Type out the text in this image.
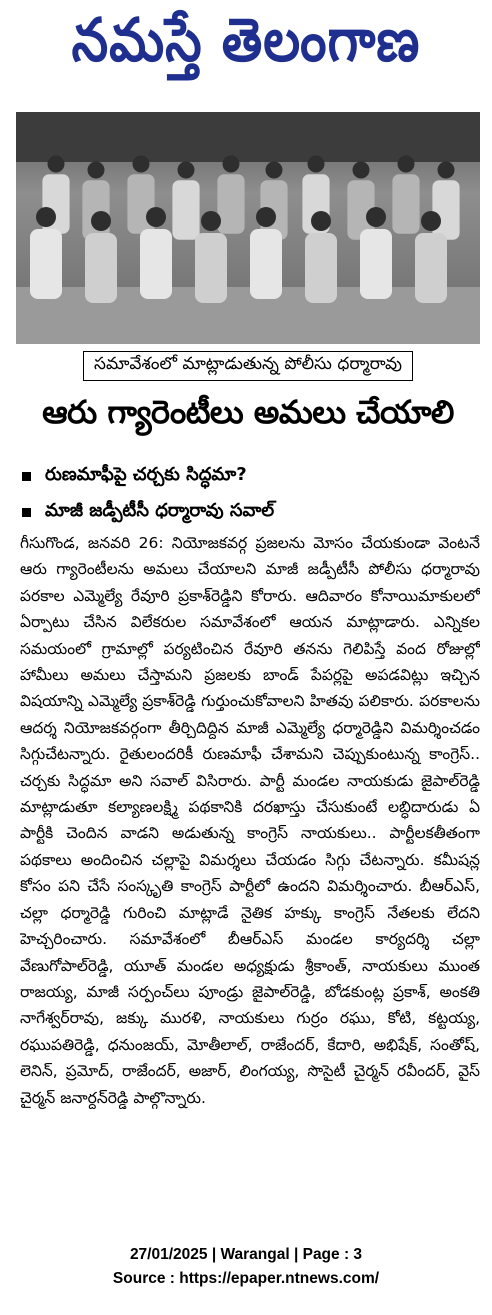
నమస్తే తెలంగాణ
సమావేశంలో మాట్లాడుతున్న పోలీసు ధర్మారావు
ఆరు గ్యారెంటీలు అమలు చేయాలి
రుణమాఫీపై చర్చకు సిద్ధమా?
మాజీ జడ్పీటీసీ ధర్మారావు సవాల్

గీసుగొండ, జనవరి 26: నియోజకవర్గ ప్రజలను మోసం చేయకుండా వెంటనే ఆరు గ్యారెంటీలను అమలు చేయాలని మాజీ జడ్పీటీసీ పోలీసు ధర్మారావు పరకాల ఎమ్మెల్యే రేవూరి ప్రకాశ్‌రెడ్డిని కోరారు. ఆదివారం కోనాయిమాకులలో ఏర్పాటు చేసిన విలేకరుల సమావేశంలో ఆయన మాట్లాడారు. ఎన్నికల సమయంలో గ్రామాల్లో పర్యటించిన రేవూరి తనను గెలిపిస్తే వంద రోజుల్లో హామీలు అమలు చేస్తామని ప్రజలకు బాండ్ పేపర్లపై అపడవిట్లు ఇచ్చిన విషయాన్ని ఎమ్మెల్యే ప్రకాశ్‌రెడ్డి గుర్తుంచుకోవాలని హితవు పలికారు. పరకాలను ఆదర్శ నియోజకవర్గంగా తీర్చిదిద్దిన మాజీ ఎమ్మెల్యే ధర్మారెడ్డిని విమర్శించడం సిగ్గుచేటన్నారు. రైతులందరికీ రుణమాఫీ చేశామని చెప్పుకుంటున్న కాంగ్రెస్.. చర్చకు సిద్ధమా అని సవాల్ విసిరారు. పార్టీ మండల నాయకుడు జైపాల్‌రెడ్డి మాట్లాడుతూ కల్యాణలక్ష్మి పథకానికి దరఖాస్తు చేసుకుంటే లబ్ధిదారుడు ఏ పార్టీకి చెందిన వాడని అడుతున్న కాంగ్రెస్ నాయకులు.. పార్టీలకతీతంగా పథకాలు అందించిన చల్లాపై విమర్శలు చేయడం సిగ్గు చేటన్నారు. కమీషన్ల కోసం పని చేసే సంస్కృతి కాంగ్రెస్ పార్టీలో ఉందని విమర్శించారు. బీఆర్ఎస్, చల్లా ధర్మారెడ్డి గురించి మాట్లాడే నైతిక హక్కు కాంగ్రెస్ నేతలకు లేదని హెచ్చరించారు. సమావేశంలో బీఆర్ఎస్ మండల కార్యదర్శి చల్లా వేణుగోపాల్‌రెడ్డి, యూత్ మండల అధ్యక్షుడు శ్రీకాంత్, నాయకులు ముంత రాజయ్య, మాజీ సర్పంచ్‌లు పూండ్రు జైపాల్‌రెడ్డి, బోడకుంట్ల ప్రకాశ్, అంకతి నాగేశ్వర్‌రావు, జక్కు మురళి, నాయకులు గుర్రం రఘు, కోటి, కట్టయ్య, రఘుపతిరెడ్డి, ధనుంజయ్, మోతీలాల్, రాజేందర్, కేదారి, అభిషేక్, సంతోష్, లెనిన్, ప్రమోద్, రాజేందర్, అజార్, లింగయ్య, సొసైటీ చైర్మన్ రవీందర్, వైస్ చైర్మన్ జనార్దన్‌రెడ్డి పాల్గొన్నారు.

27/01/2025 | Warangal | Page : 3
Source : https://epaper.ntnews.com/
